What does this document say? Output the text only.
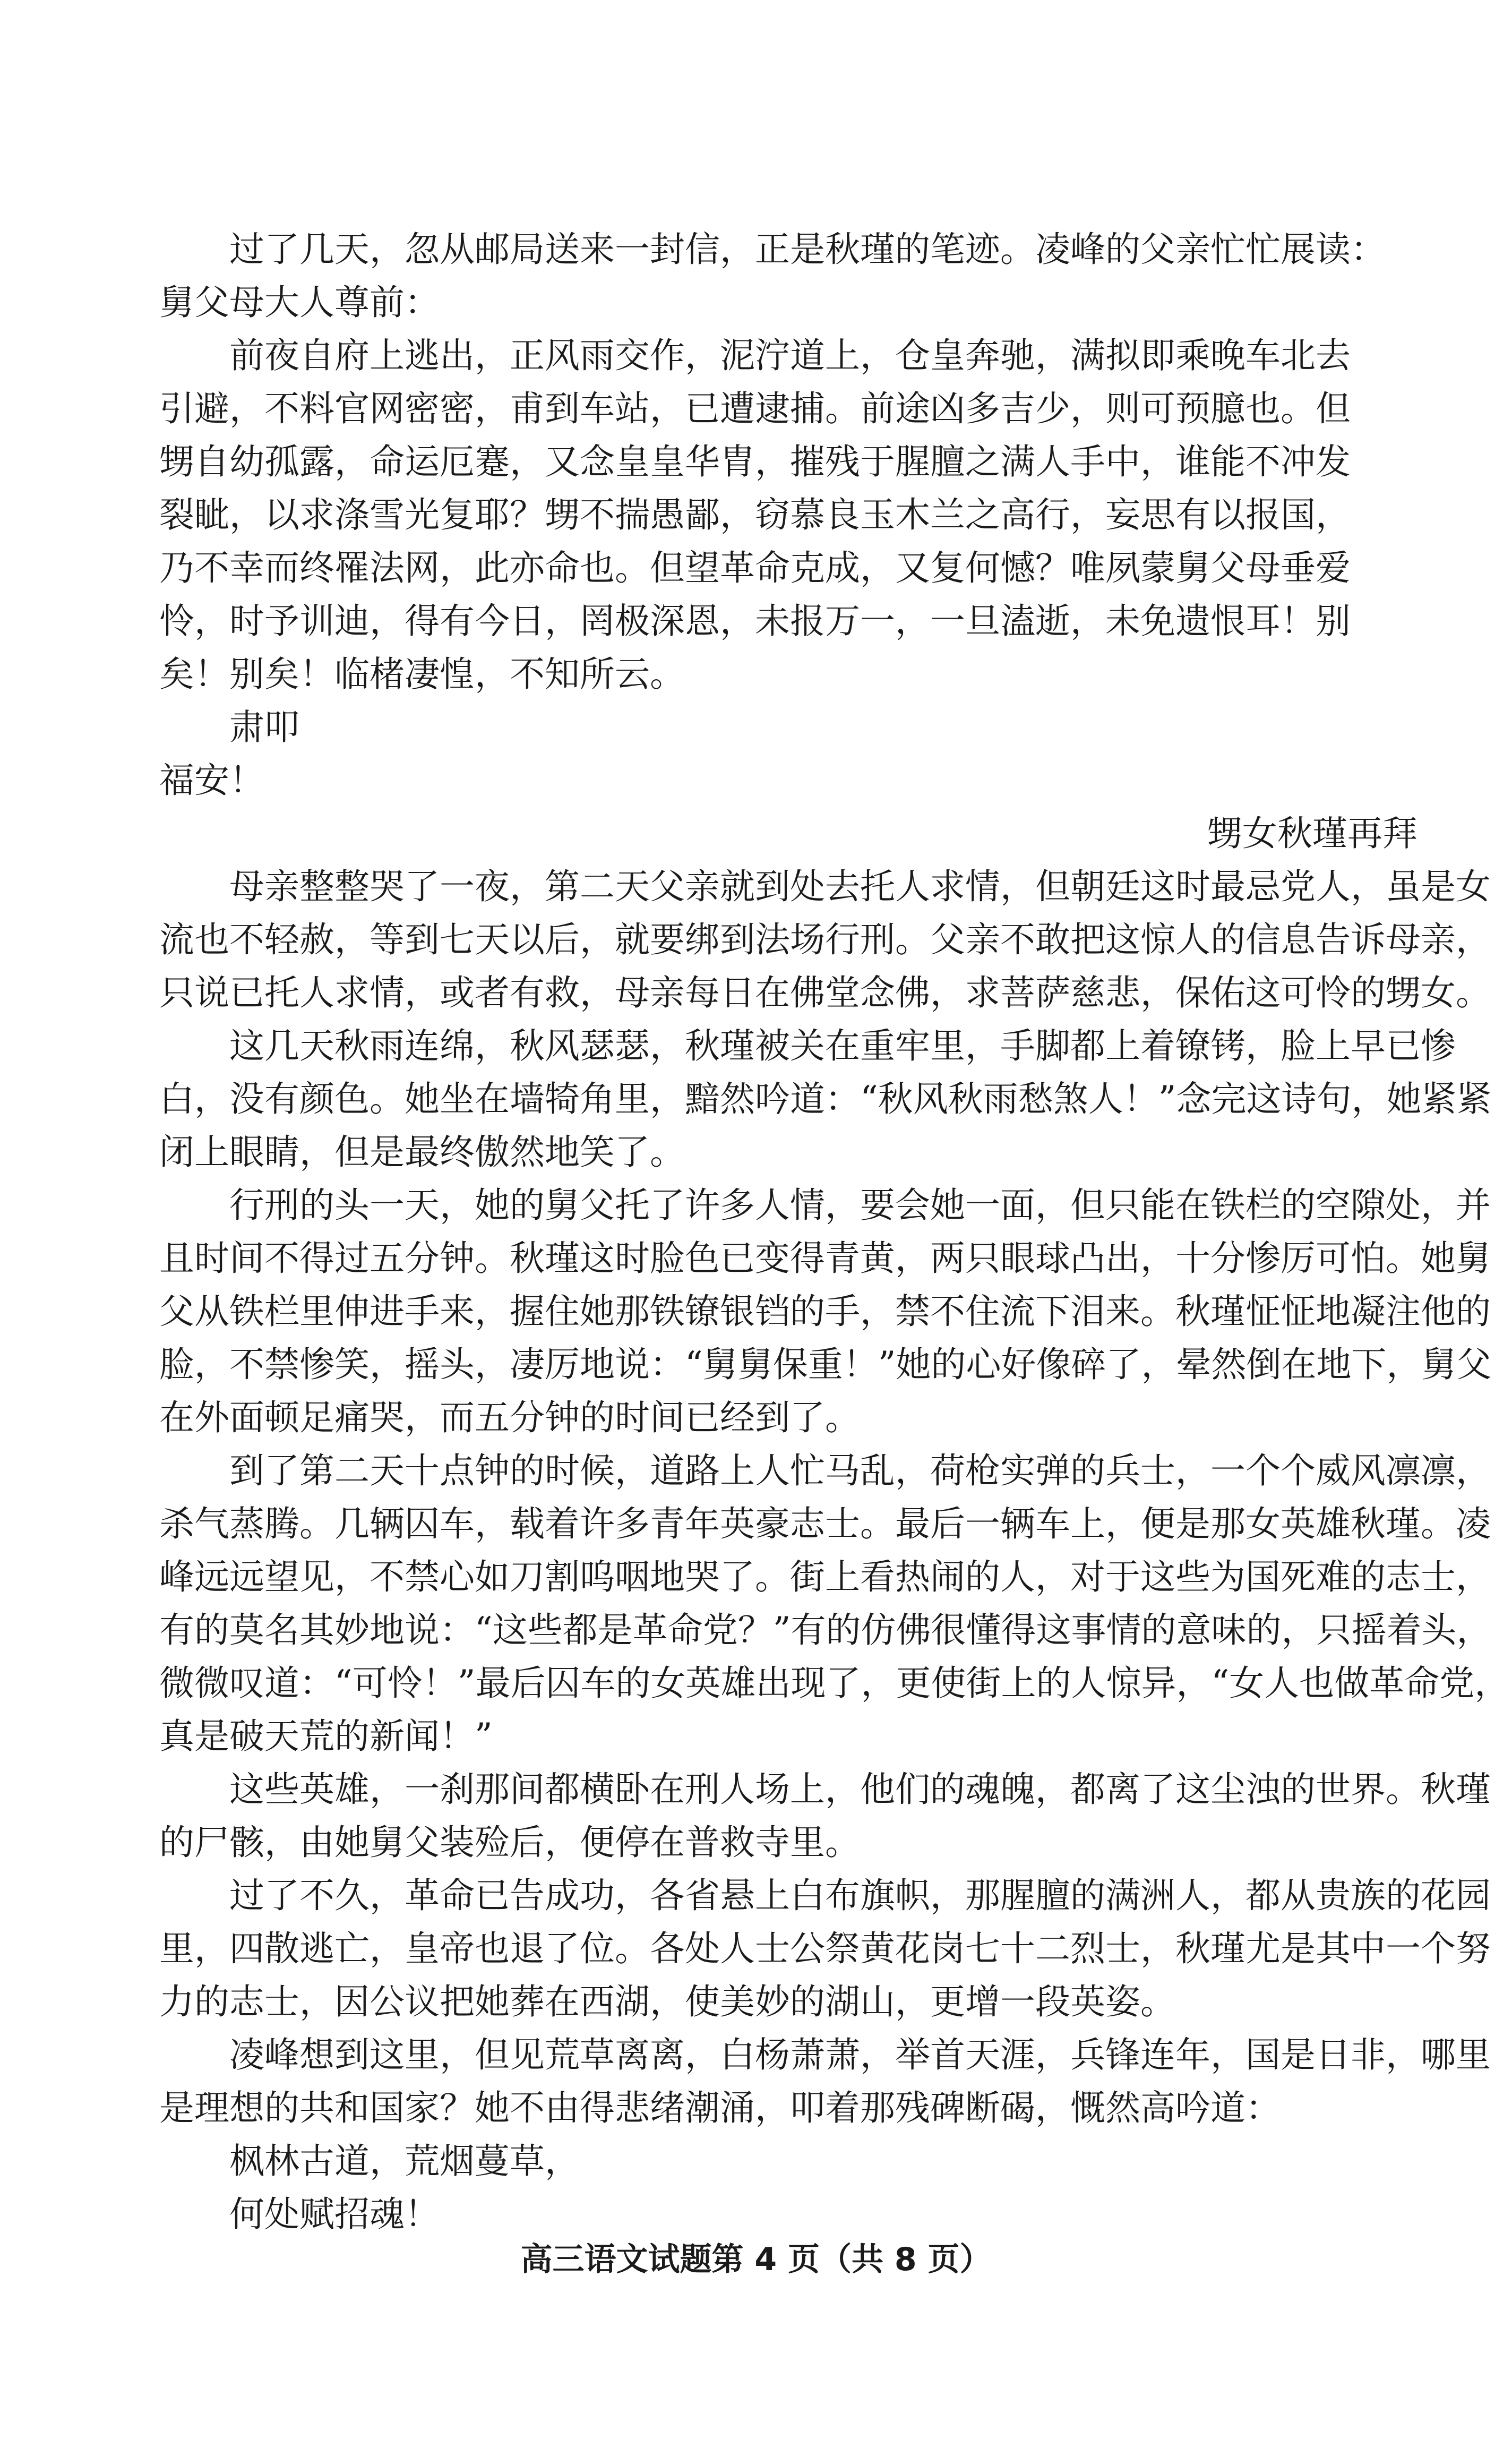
过了几天，忽从邮局送来一封信，正是秋瑾的笔迹。凌峰的父亲忙忙展读：

舅父母大人尊前：

前夜自府上逃出，正风雨交作，泥泞道上，仓皇奔驰，满拟即乘晚车北去

引避，不料官网密密，甫到车站，已遭逮捕。前途凶多吉少，则可预臆也。但

甥自幼孤露，命运厄蹇，又念皇皇华胄，摧残于腥膻之满人手中，谁能不冲发

裂眦，以求涤雪光复耶？甥不揣愚鄙，窃慕良玉木兰之高行，妄思有以报国，

乃不幸而终罹法网，此亦命也。但望革命克成，又复何憾？唯夙蒙舅父母垂爱

怜，时予训迪，得有今日，罔极深恩，未报万一，一旦溘逝，未免遗恨耳！别

矣！别矣！临楮凄惶，不知所云。

肃叩

福安！

甥女秋瑾再拜

母亲整整哭了一夜，第二天父亲就到处去托人求情，但朝廷这时最忌党人，虽是女

流也不轻赦，等到七天以后，就要绑到法场行刑。父亲不敢把这惊人的信息告诉母亲，

只说已托人求情，或者有救，母亲每日在佛堂念佛，求菩萨慈悲，保佑这可怜的甥女。

这几天秋雨连绵，秋风瑟瑟，秋瑾被关在重牢里，手脚都上着镣铐，脸上早已惨

白，没有颜色。她坐在墙犄角里，黯然吟道：“秋风秋雨愁煞人！”念完这诗句，她紧紧

闭上眼睛，但是最终傲然地笑了。

行刑的头一天，她的舅父托了许多人情，要会她一面，但只能在铁栏的空隙处，并

且时间不得过五分钟。秋瑾这时脸色已变得青黄，两只眼球凸出，十分惨厉可怕。她舅

父从铁栏里伸进手来，握住她那铁镣银铛的手，禁不住流下泪来。秋瑾怔怔地凝注他的

脸，不禁惨笑，摇头，凄厉地说：“舅舅保重！”她的心好像碎了，晕然倒在地下，舅父

在外面顿足痛哭，而五分钟的时间已经到了。

到了第二天十点钟的时候，道路上人忙马乱，荷枪实弹的兵士，一个个威风凛凛，

杀气蒸腾。几辆囚车，载着许多青年英豪志士。最后一辆车上，便是那女英雄秋瑾。凌

峰远远望见，不禁心如刀割呜咽地哭了。街上看热闹的人，对于这些为国死难的志士，

有的莫名其妙地说：“这些都是革命党？”有的仿佛很懂得这事情的意味的，只摇着头，

微微叹道：“可怜！”最后囚车的女英雄出现了，更使街上的人惊异，“女人也做革命党，

真是破天荒的新闻！”

这些英雄，一刹那间都横卧在刑人场上，他们的魂魄，都离了这尘浊的世界。秋瑾

的尸骸，由她舅父装殓后，便停在普救寺里。

过了不久，革命已告成功，各省悬上白布旗帜，那腥膻的满洲人，都从贵族的花园

里，四散逃亡，皇帝也退了位。各处人士公祭黄花岗七十二烈士，秋瑾尤是其中一个努

力的志士，因公议把她葬在西湖，使美妙的湖山，更增一段英姿。

凌峰想到这里，但见荒草离离，白杨萧萧，举首天涯，兵锋连年，国是日非，哪里

是理想的共和国家？她不由得悲绪潮涌，叩着那残碑断碣，慨然高吟道：

枫林古道，荒烟蔓草，

何处赋招魂！

高三语文试题第 4 页（共 8 页）
